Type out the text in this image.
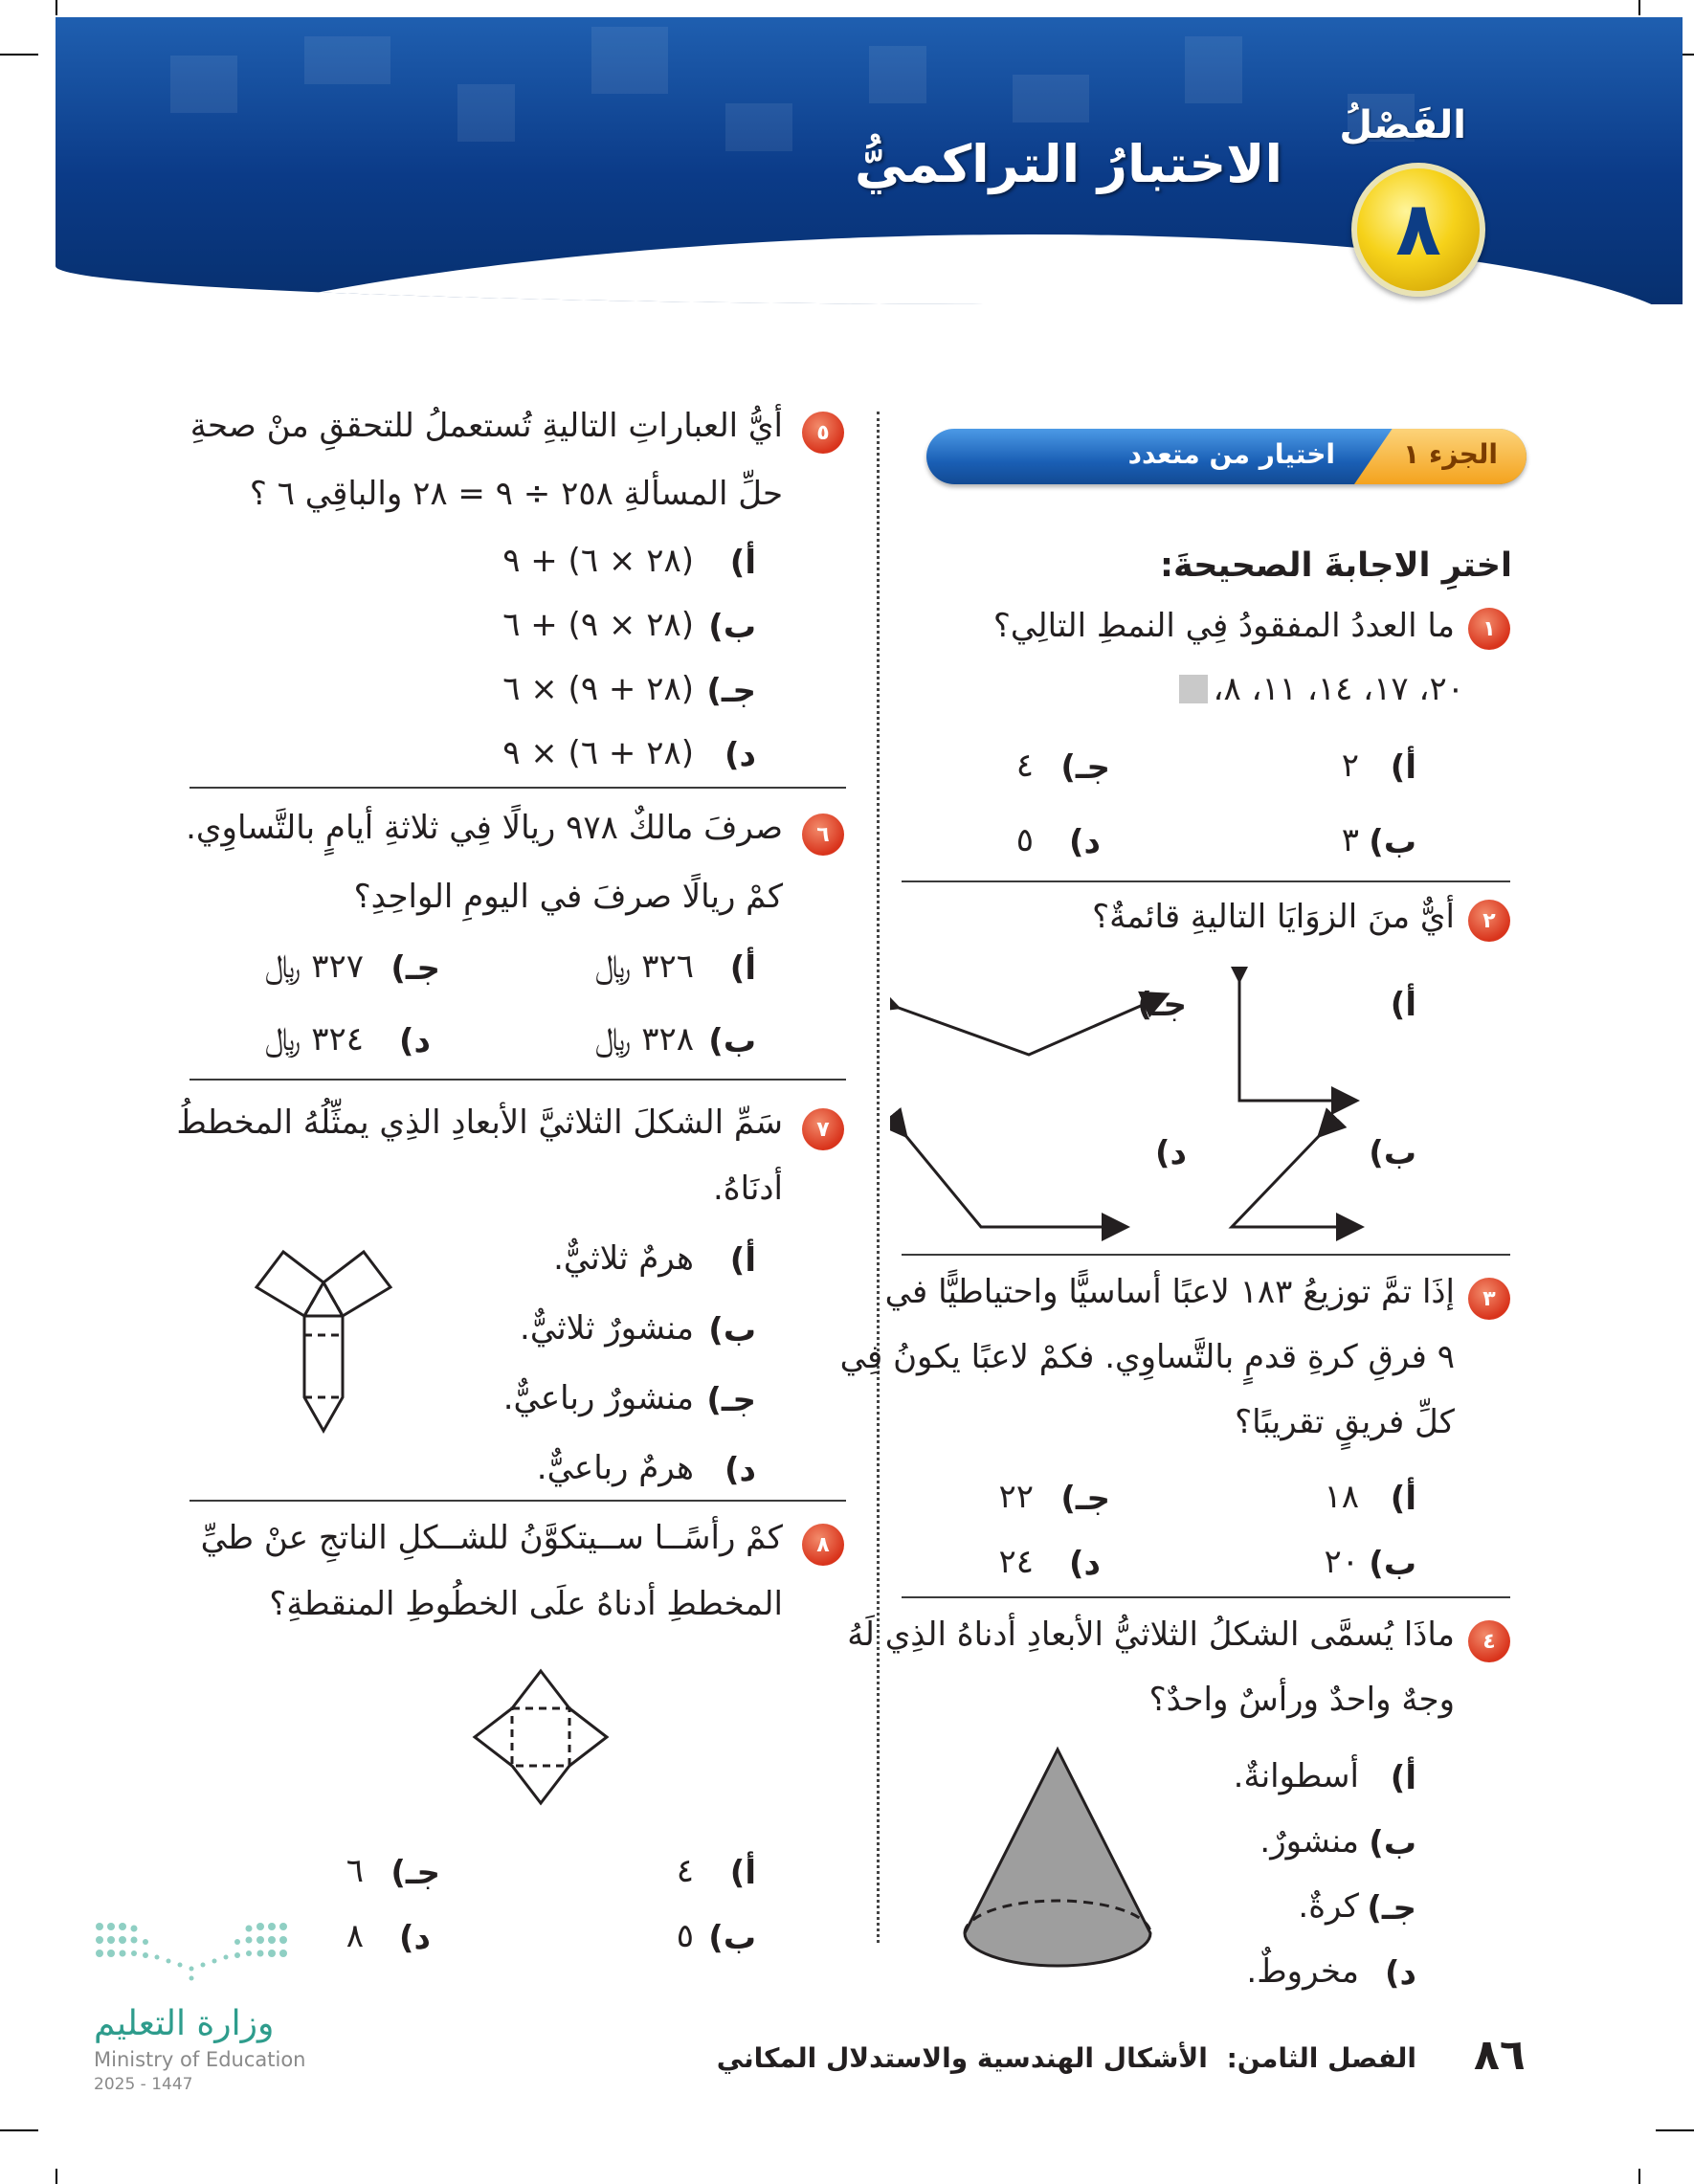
الاختبارُ التراكميُّ
الفَصْلُ
٨
الجزء ١
اختيار من متعدد
اخترِ الاجابةَ الصحيحةَ:
١
ما العددُ المفقودُ فِي النمطِ التالِي؟
٢٠، ١٧، ١٤، ١١، ٨،
أ)
٢
جـ)
٤
ب)
٣
د)
٥
٢
أيٌّ منَ الزوَايَا التاليةِ قائمةٌ؟
أ)
جـ)
ب)
د)
٣
إذَا تمَّ توزيعُ ١٨٣ لاعبًا أساسيًّا واحتياطيًّا في
٩ فرقِ كرةِ قدمٍ بالتَّساوِي. فكمْ لاعبًا يكونُ فِي
كلِّ فريقٍ تقريبًا؟
أ)
١٨
جـ)
٢٢
ب)
٢٠
د)
٢٤
٤
ماذَا يُسمَّى الشكلُ الثلاثيُّ الأبعادِ أدناهُ الذِي لَهُ
وجهٌ واحدٌ ورأسٌ واحدٌ؟
أ)
أسطوانةٌ.
ب)
منشورٌ.
جـ)
كرةٌ.
د)
مخروطٌ.
٥
أيُّ العباراتِ التاليةِ تُستعملُ للتحققِ منْ صحةِ
حلِّ المسألةِ ٢٥٨ ÷ ٩ = ٢٨ والباقِي ٦ ؟
أ)
(٢٨ × ٦) + ٩
ب)
(٢٨ × ٩) + ٦
جـ)
(٢٨ + ٩) × ٦
د)
(٢٨ + ٦) × ٩
٦
صرفَ مالكٌ ٩٧٨ ريالًا فِي ثلاثةِ أيامٍ بالتَّساوِي.
كمْ ريالًا صرفَ في اليومِ الواحِدِ؟
أ)
٣٢٦ ﷼
جـ)
٣٢٧ ﷼
ب)
٣٢٨ ﷼
د)
٣٢٤ ﷼
٧
سَمِّ الشكلَ الثلاثيَّ الأبعادِ الذِي يمثِّلُهُ المخططُ
أدنَاهُ.
أ)
هرمٌ ثلاثيٌّ.
ب)
منشورٌ ثلاثيٌّ.
جـ)
منشورٌ رباعيٌّ.
د)
هرمٌ رباعيٌّ.
٨
كمْ رأسًــا ســيتكوَّنُ للشــكلِ الناتجِ عنْ طيِّ
المخططِ أدناهُ علَى الخطُوطِ المنقطةِ؟
أ)
٤
جـ)
٦
ب)
٥
د)
٨
وزارة التعليم
Ministry of Education
2025 - 1447
الفصل الثامن: الأشكال الهندسية والاستدلال المكاني	٨٦
